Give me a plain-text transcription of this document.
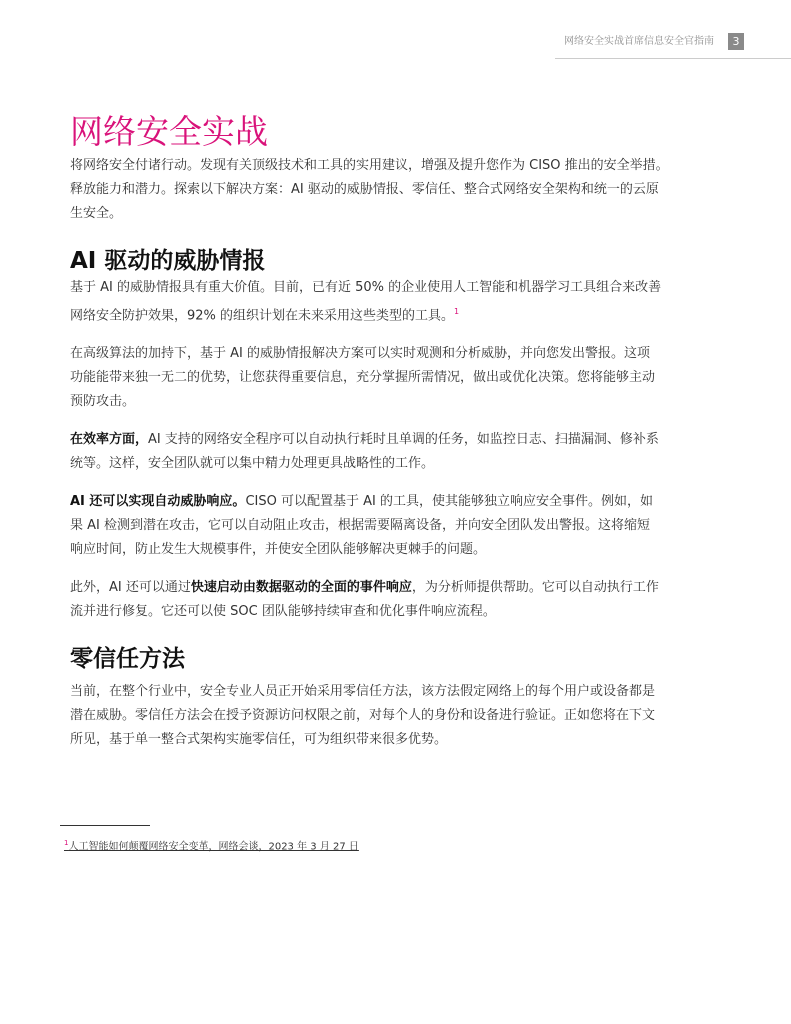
网络安全实战首席信息安全官指南	3
网络安全实战

将网络安全付诸行动。发现有关顶级技术和工具的实用建议，增强及提升您作为 CISO 推出的安全举措。
释放能力和潜力。探索以下解决方案：AI 驱动的威胁情报、零信任、整合式网络安全架构和统一的云原
生安全。

AI 驱动的威胁情报

基于 AI 的威胁情报具有重大价值。目前，已有近 50% 的企业使用人工智能和机器学习工具组合来改善
网络安全防护效果，92% 的组织计划在未来采用这些类型的工具。$^1$

在高级算法的加持下，基于 AI 的威胁情报解决方案可以实时观测和分析威胁，并向您发出警报。这项
功能能带来独一无二的优势，让您获得重要信息，充分掌握所需情况，做出或优化决策。您将能够主动
预防攻击。

在效率方面，AI 支持的网络安全程序可以自动执行耗时且单调的任务，如监控日志、扫描漏洞、修补系
统等。这样，安全团队就可以集中精力处理更具战略性的工作。

AI 还可以实现自动威胁响应。CISO 可以配置基于 AI 的工具，使其能够独立响应安全事件。例如，如
果 AI 检测到潜在攻击，它可以自动阻止攻击，根据需要隔离设备，并向安全团队发出警报。这将缩短
响应时间，防止发生大规模事件，并使安全团队能够解决更棘手的问题。

此外，AI 还可以通过快速启动由数据驱动的全面的事件响应，为分析师提供帮助。它可以自动执行工作
流并进行修复。它还可以使 SOC 团队能够持续审查和优化事件响应流程。

零信任方法

当前，在整个行业中，安全专业人员正开始采用零信任方法，该方法假定网络上的每个用户或设备都是
潜在威胁。零信任方法会在授予资源访问权限之前，对每个人的身份和设备进行验证。正如您将在下文
所见，基于单一整合式架构实施零信任，可为组织带来很多优势。

$^1$人工智能如何颠覆网络安全变革，网络会谈，2023 年 3 月 27 日
